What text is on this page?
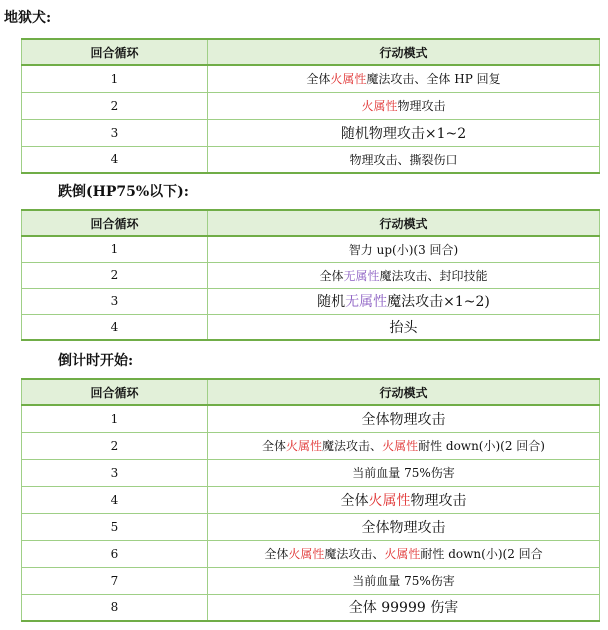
地狱犬:
回合循环	行动模式
1	全体火属性魔法攻击、全体 HP 回复
2	火属性物理攻击
3	随机物理攻击×1~2
4	物理攻击、撕裂伤口
跌倒(HP75%以下):
回合循环	行动模式
1	智力 up(小)(3 回合)
2	全体无属性魔法攻击、封印技能
3	随机无属性魔法攻击×1~2)
4	抬头
倒计时开始:
回合循环	行动模式
1	全体物理攻击
2	全体火属性魔法攻击、火属性耐性 down(小)(2 回合)
3	当前血量 75%伤害
4	全体火属性物理攻击
5	全体物理攻击
6	全体火属性魔法攻击、火属性耐性 down(小)(2 回合
7	当前血量 75%伤害
8	全体 99999 伤害
